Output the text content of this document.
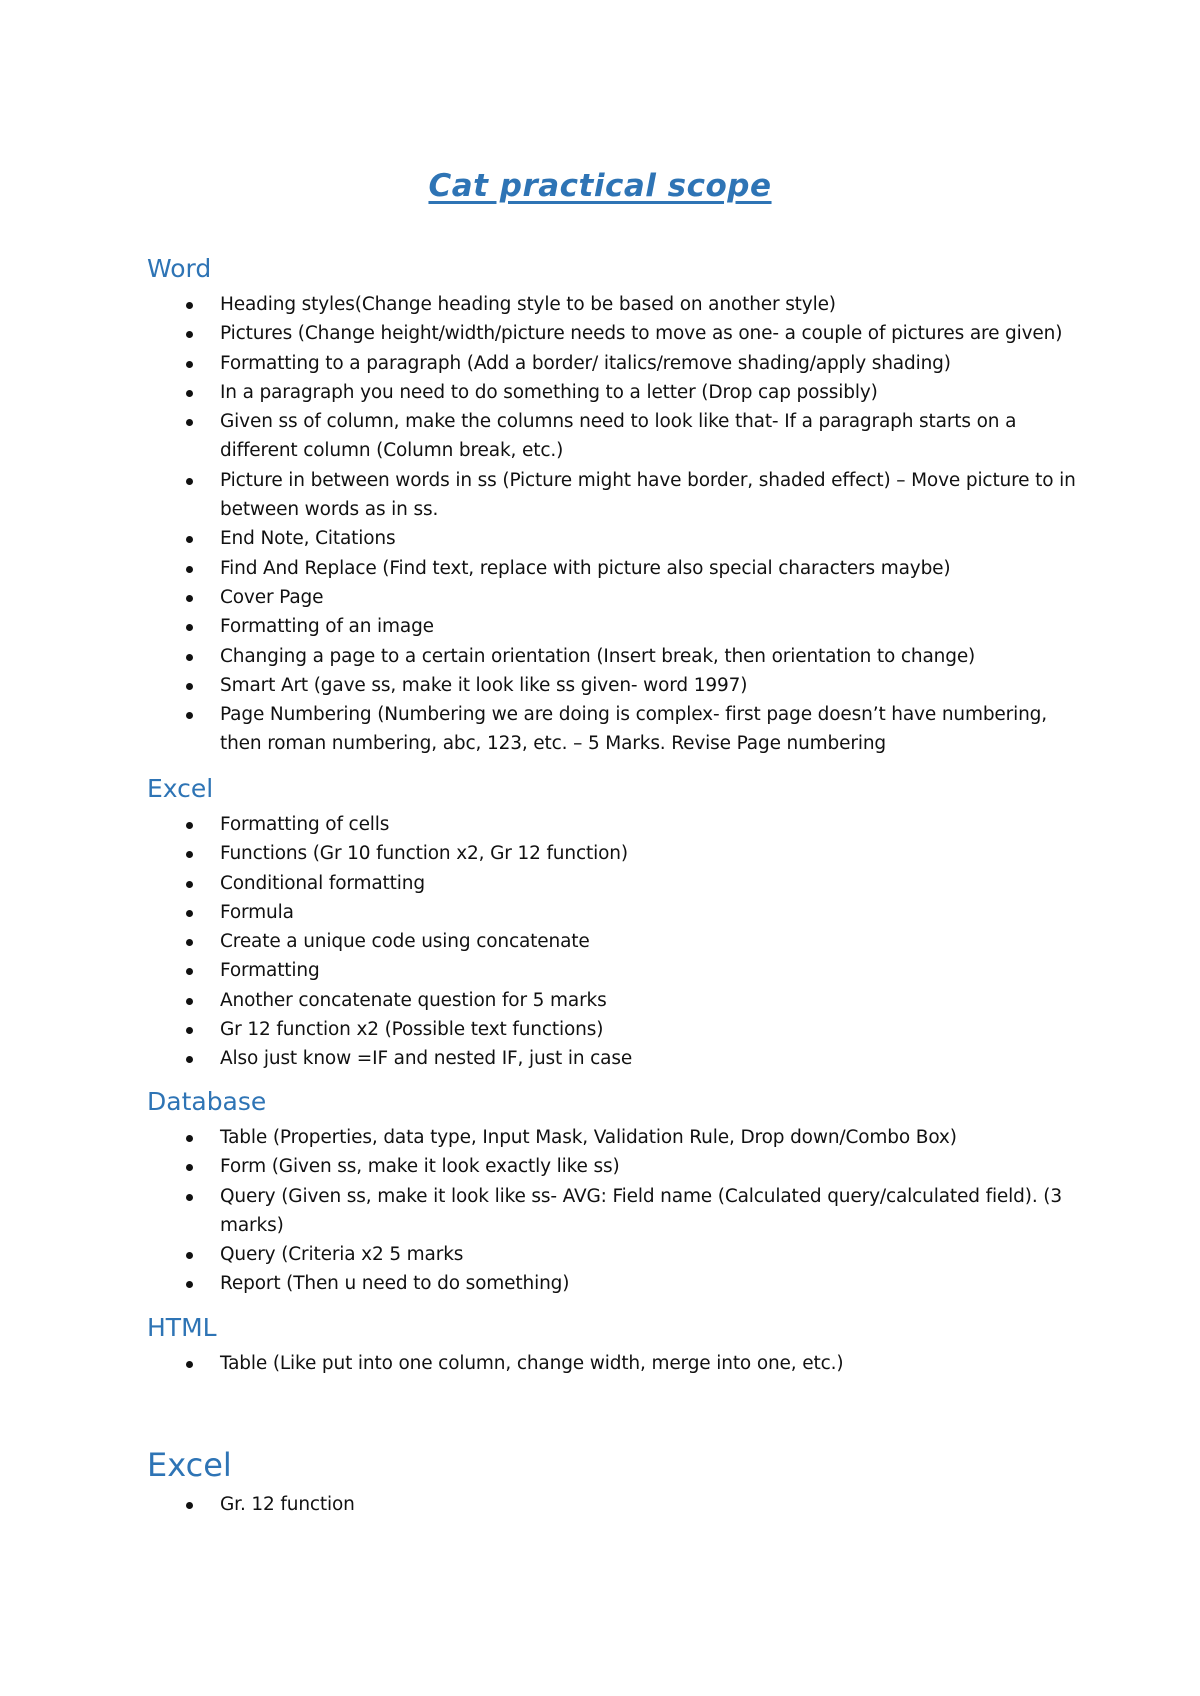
Cat practical scope
Word
Heading styles(Change heading style to be based on another style)
Pictures (Change height/width/picture needs to move as one- a couple of pictures are given)
Formatting to a paragraph (Add a border/ italics/remove shading/apply shading)
In a paragraph you need to do something to a letter (Drop cap possibly)
Given ss of column, make the columns need to look like that- If a paragraph starts on a different column (Column break, etc.)
Picture in between words in ss (Picture might have border, shaded effect) – Move picture to in between words as in ss.
End Note, Citations
Find And Replace (Find text, replace with picture also special characters maybe)
Cover Page
Formatting of an image
Changing a page to a certain orientation (Insert break, then orientation to change)
Smart Art (gave ss, make it look like ss given- word 1997)
Page Numbering (Numbering we are doing is complex- first page doesn’t have numbering, then roman numbering, abc, 123, etc. – 5 Marks. Revise Page numbering
Excel
Formatting of cells
Functions (Gr 10 function x2, Gr 12 function)
Conditional formatting
Formula
Create a unique code using concatenate
Formatting
Another concatenate question for 5 marks
Gr 12 function x2 (Possible text functions)
Also just know =IF and nested IF, just in case
Database
Table (Properties, data type, Input Mask, Validation Rule, Drop down/Combo Box)
Form (Given ss, make it look exactly like ss)
Query (Given ss, make it look like ss- AVG: Field name (Calculated query/calculated field). (3 marks)
Query (Criteria x2 5 marks
Report (Then u need to do something)
HTML
Table (Like put into one column, change width, merge into one, etc.)
Excel
Gr. 12 function
